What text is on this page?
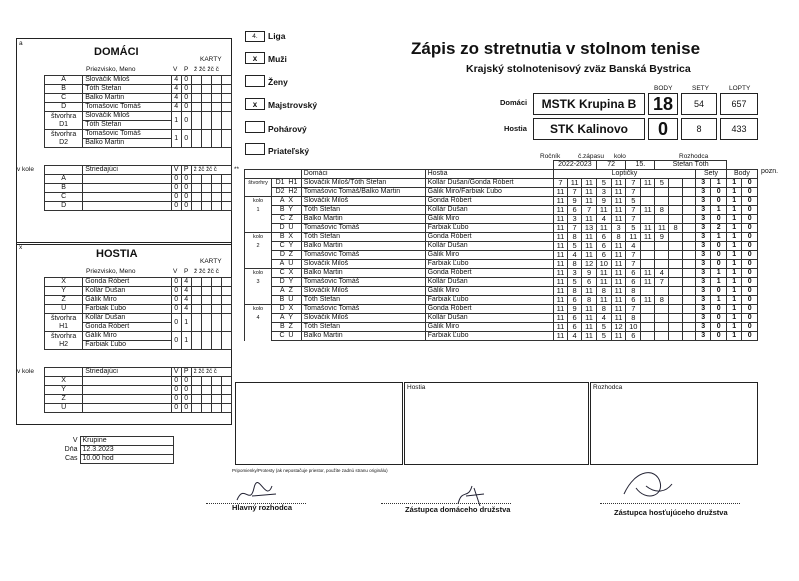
a
DOMÁCI
KARTY
Priezvisko, Meno	V P ž žč žč č
A	Slováčik Miloš	4	0				
B	Tóth Štefan	4	0				
C	Balko Martin	4	0				
D	Tomašovic Tomáš	4	0				
štvorhra
D1	Slováčik Miloš	1	0				
	Tóth Štefan						
štvorhra
D2	Tomašovic Tomáš	1	0				
	Balko Martin						
v kole
		Striedajúci	V	P	ž žč žč č			
A		0	0				
B		0	0				
C		0	0				
D		0	0				
**
x
HOSTIA
KARTY
Priezvisko, Meno	V P ž žč žč č
X	Gonda Róbert	0	4				
Y	Kollár Dušan	0	4				
Z	Gálik Miro	0	4				
U	Farbiak Ľubo	0	4				
štvorhra
H1	Kollár Dušan	0	1				
	Gonda Róbert						
štvorhra
H2	Gálik Miro	0	1				
	Farbiak Ľubo						
v kole
		Striedajúci	V	P	ž žč žč č			
X		0	0				
Y		0	0				
Z		0	0				
U		0	0				
V	Krupine
Dňa	12.3.2023
Čas	10.00 hod
4.	Liga
x	Muži
Ženy
x	Majstrovský
Pohárový
Priateľský
Zápis zo stretnutia v stolnom tenise
Krajský stolnotenisový zväz Banská Bystrica
BODY	SETY	LOPTY
Domáci
Hostia
MSTK Krupina B
STK Kalinovo
18	54	657
0	8	433
Ročník	č.zápasu kolo	Rozhodca
pozn.
				2022-2023			72		15.		Štefan Tóth						
		Domáci	Hostia	Loptičky										Sety		Body	
štvorhry	D1 H1	Slováčik Miloš/Tóth Štefan	Kollár Dušan/Gonda Róbert	7	11	11	5	11	7	11	5			3	1	1	0
	D2 H2	Tomašovic Tomáš/Balko Martin	Gálik Miro/Farbiak Ľubo	11	7	11	3	11	7					3	0	1	0
kolo	A X	Slováčik Miloš	Gonda Róbert	11	9	11	9	11	5					3	0	1	0
1	B Y	Tóth Štefan	Kollár Dušan	11	6	7	11	11	7	11	8			3	1	1	0
	C Z	Balko Martin	Gálik Miro	11	3	11	4	11	7					3	0	1	0
	D U	Tomašovic Tomáš	Farbiak Ľubo	11	7	13	11	3	5	11	11	8		3	2	1	0
kolo	B X	Tóth Štefan	Gonda Róbert	11	8	11	6	8	11	11	9			3	1	1	0
2	C Y	Balko Martin	Kollár Dušan	11	5	11	6	11	4					3	0	1	0
	D Z	Tomašovic Tomáš	Gálik Miro	11	4	11	6	11	7					3	0	1	0
	A U	Slováčik Miloš	Farbiak Ľubo	11	8	12	10	11	7					3	0	1	0
kolo	C X	Balko Martin	Gonda Róbert	11	3	9	11	11	6	11	4			3	1	1	0
3	D Y	Tomašovic Tomáš	Kollár Dušan	11	5	6	11	11	6	11	7			3	1	1	0
	A Z	Slováčik Miloš	Gálik Miro	11	8	11	8	11	8					3	0	1	0
	B U	Tóth Štefan	Farbiak Ľubo	11	6	8	11	11	6	11	8			3	1	1	0
kolo	D X	Tomašovic Tomáš	Gonda Róbert	11	9	11	8	11	7					3	0	1	0
4	A Y	Slováčik Miloš	Kollár Dušan	11	6	11	4	11	8					3	0	1	0
	B Z	Tóth Štefan	Gálik Miro	11	6	11	5	12	10					3	0	1	0
	C U	Balko Martin	Farbiak Ľubo	11	4	11	5	11	6					3	0	1	0
Hostia	Rozhodca
Pripomienky/Protesty (ak nepostačuje priestor, použite zadnú stranu originálu)
Hlavný rozhodca	Zástupca domáceho družstva	Zástupca hosťujúceho družstva
